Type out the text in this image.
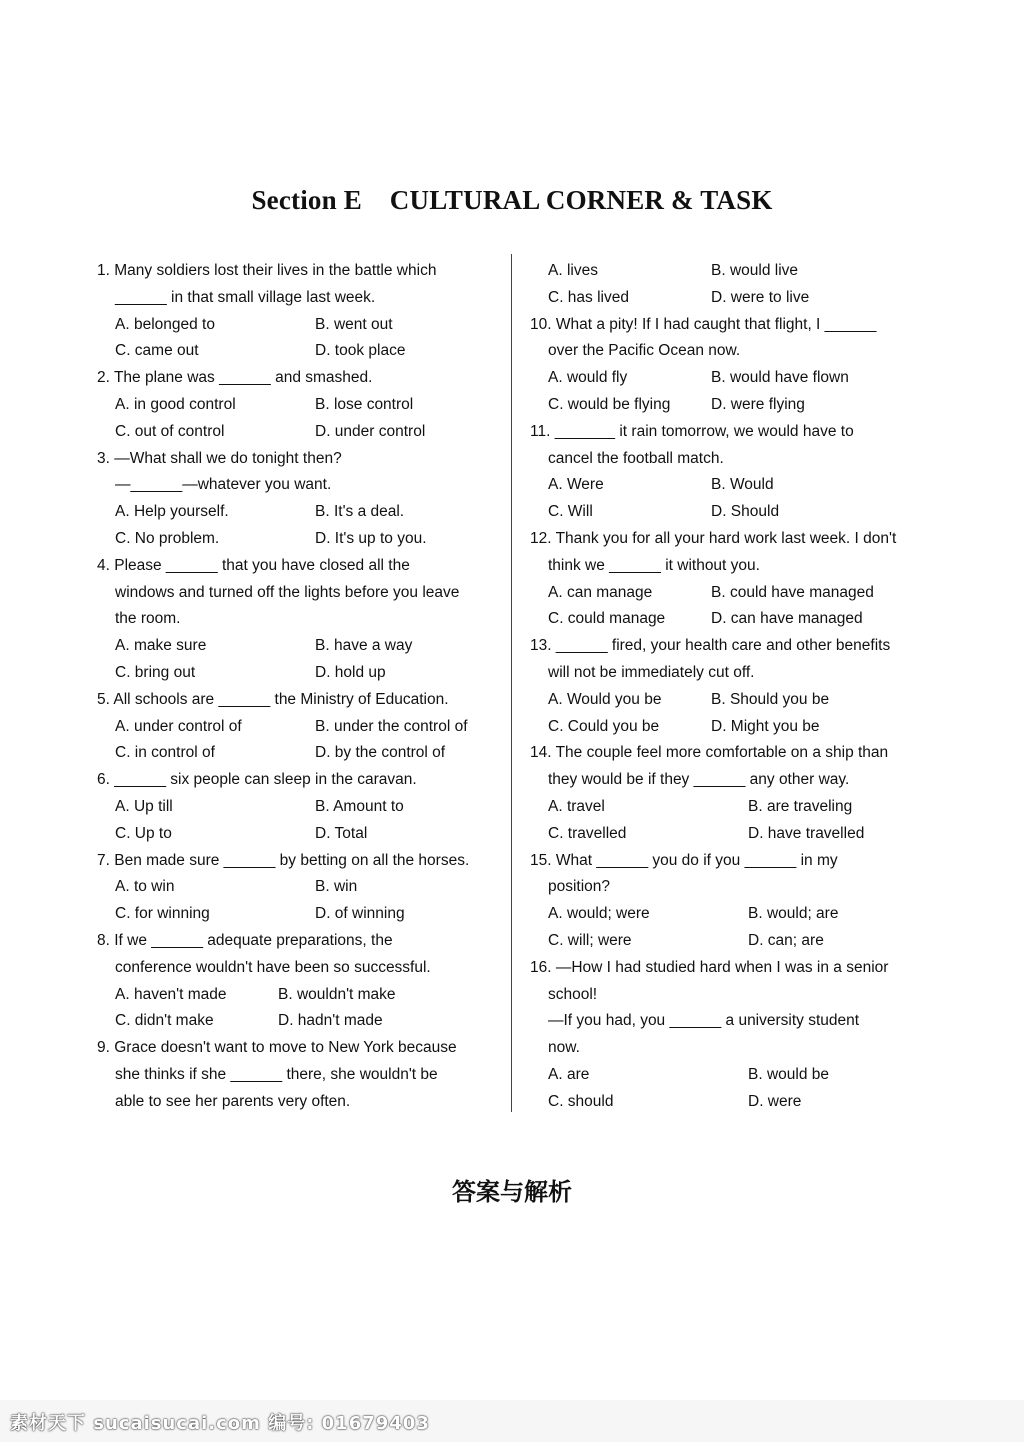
Section E    CULTURAL CORNER & TASK
1. Many soldiers lost their lives in the battle which
______ in that small village last week.
A. belonged to	B. went out
C. came out	D. took place
2. The plane was ______ and smashed.
A. in good control	B. lose control
C. out of control	D. under control
3. —What shall we do tonight then?
—______—whatever you want.
A. Help yourself.	B. It's a deal.
C. No problem.	D. It's up to you.
4. Please ______ that you have closed all the
windows and turned off the lights before you leave
the room.
A. make sure	B. have a way
C. bring out	D. hold up
5. All schools are ______ the Ministry of Education.
A. under control of	B. under the control of
C. in control of	D. by the control of
6. ______ six people can sleep in the caravan.
A. Up till	B. Amount to
C. Up to	D. Total
7. Ben made sure ______ by betting on all the horses.
A. to win	B. win
C. for winning	D. of winning
8. If we ______ adequate preparations, the
conference wouldn't have been so successful.
A. haven't made	B. wouldn't make
C. didn't make	D. hadn't made
9. Grace doesn't want to move to New York because
she thinks if she ______ there, she wouldn't be
able to see her parents very often.
A. lives	B. would live
C. has lived	D. were to live
10. What a pity! If I had caught that flight, I ______
over the Pacific Ocean now.
A. would fly	B. would have flown
C. would be flying	D. were flying
11. _______ it rain tomorrow, we would have to
cancel the football match.
A. Were	B. Would
C. Will	D. Should
12. Thank you for all your hard work last week. I don't
think we ______ it without you.
A. can manage	B. could have managed
C. could manage	D. can have managed
13. ______ fired, your health care and other benefits
will not be immediately cut off.
A. Would you be	B. Should you be
C. Could you be	D. Might you be
14. The couple feel more comfortable on a ship than
they would be if they ______ any other way.
A. travel	B. are traveling
C. travelled	D. have travelled
15. What ______ you do if you ______ in my
position?
A. would; were	B. would; are
C. will; were	D. can; are
16. —How I had studied hard when I was in a senior
school!
—If you had, you ______ a university student
now.
A. are	B. would be
C. should	D. were
答案与解析
素材天下 sucaisucai.com 编号: 01679403
